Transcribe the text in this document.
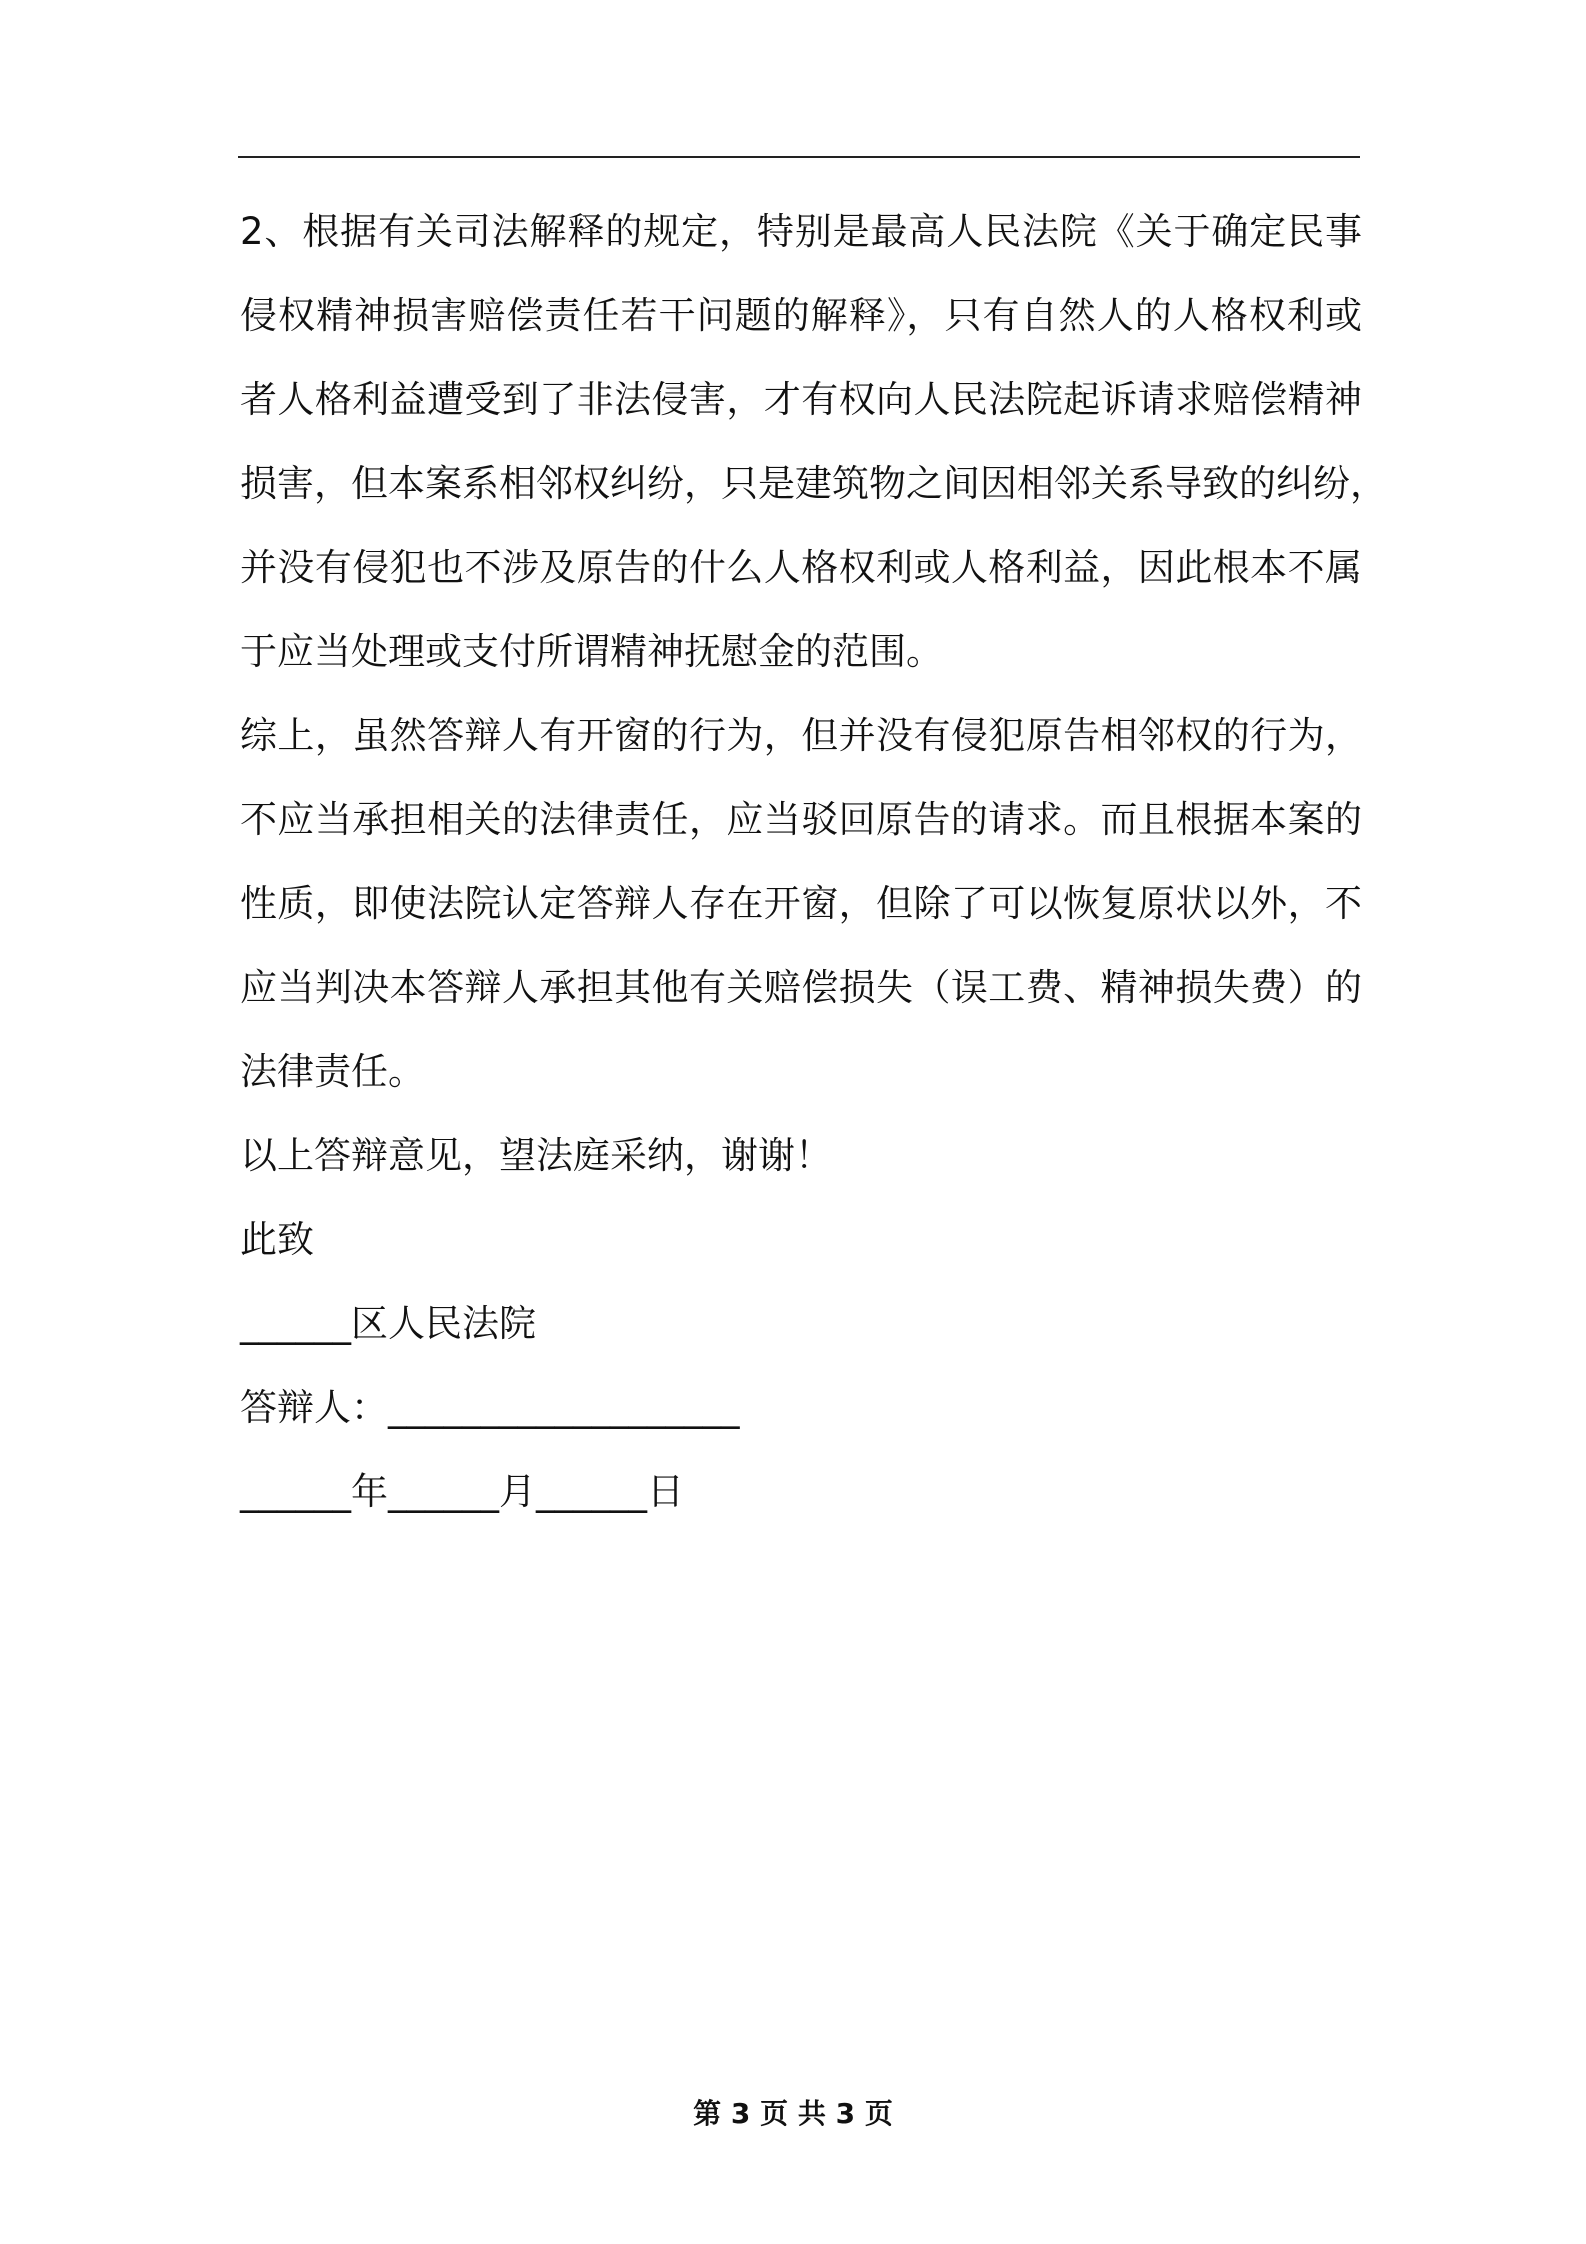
2、根据有关司法解释的规定，特别是最高人民法院《关于确定民事
侵权精神损害赔偿责任若干问题的解释》，只有自然人的人格权利或
者人格利益遭受到了非法侵害，才有权向人民法院起诉请求赔偿精神
损害，但本案系相邻权纠纷，只是建筑物之间因相邻关系导致的纠纷，
并没有侵犯也不涉及原告的什么人格权利或人格利益，因此根本不属
于应当处理或支付所谓精神抚慰金的范围。
综上，虽然答辩人有开窗的行为，但并没有侵犯原告相邻权的行为，
不应当承担相关的法律责任，应当驳回原告的请求。而且根据本案的
性质，即使法院认定答辩人存在开窗，但除了可以恢复原状以外，不
应当判决本答辩人承担其他有关赔偿损失（误工费、精神损失费）的
法律责任。
以上答辩意见，望法庭采纳，谢谢！
此致
______区人民法院
答辩人：___________________
______年______月______日
第 3 页 共 3 页
